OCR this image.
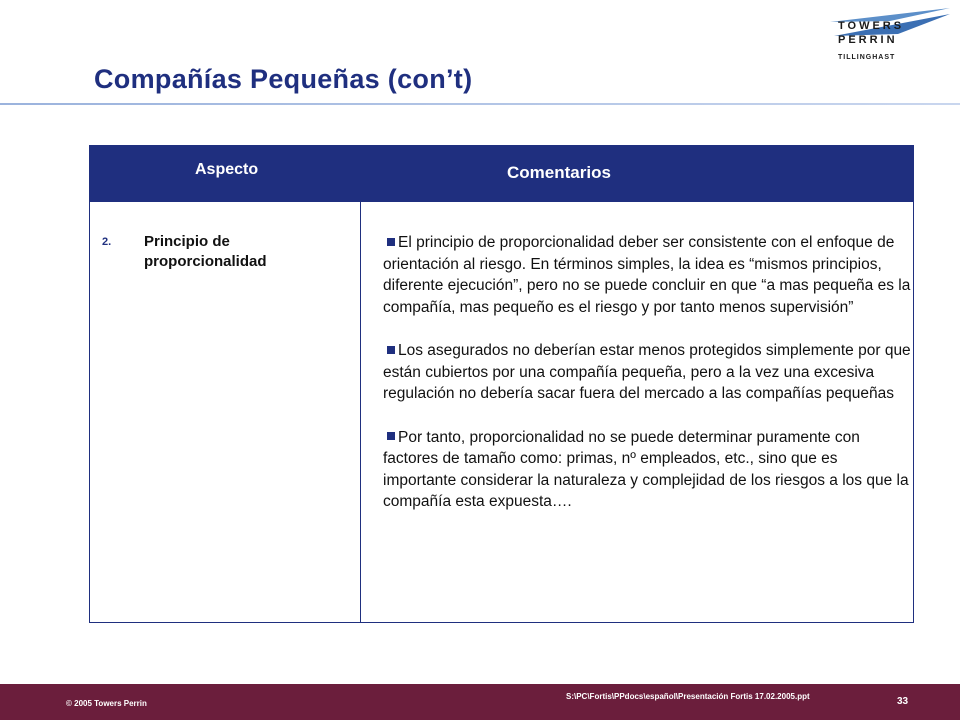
TOWERS
PERRIN
TILLINGHAST
Compañías Pequeñas (con’t)
Aspecto	Comentarios
2. Principio de proporcionalidad

El principio de proporcionalidad deber ser consistente con el enfoque de orientación al riesgo. En términos simples, la idea es “mismos principios, diferente ejecución”, pero no se puede concluir en que “a mas pequeña es la compañía, mas pequeño es el riesgo y por tanto menos supervisión”

Los asegurados no deberían estar menos protegidos simplemente por que están cubiertos por una compañía pequeña, pero a la vez una excesiva regulación no debería sacar fuera del mercado a las compañías pequeñas

Por tanto, proporcionalidad no se puede determinar puramente con factores de tamaño como: primas, nº empleados, etc., sino que es importante considerar la naturaleza y complejidad de los riesgos a los que la compañía esta expuesta….

© 2005 Towers Perrin
S:\PC\Fortis\PPdocs\español\Presentación Fortis 17.02.2005.ppt	33
